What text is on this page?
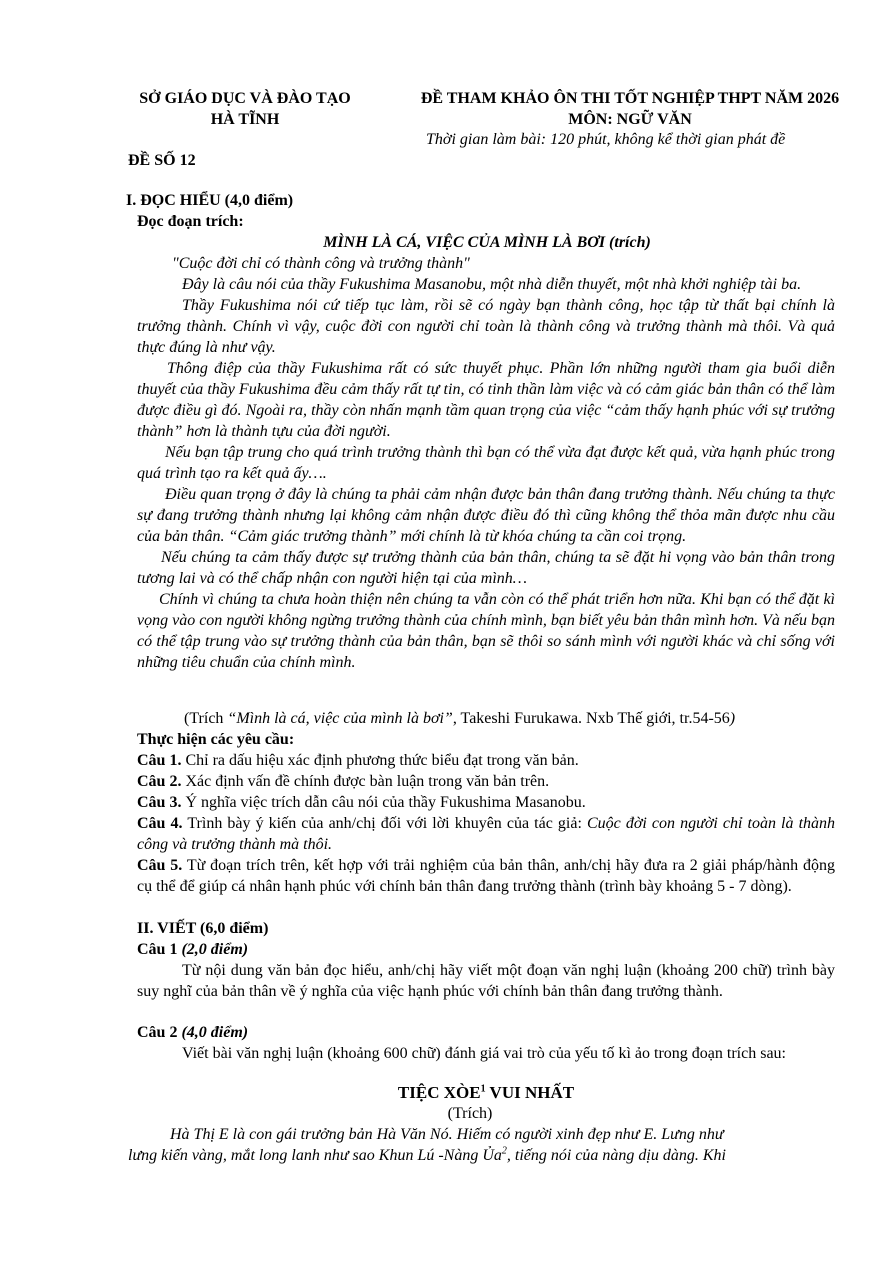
SỞ GIÁO DỤC VÀ ĐÀO TẠO
HÀ TĨNH
ĐỀ THAM KHẢO ÔN THI TỐT NGHIỆP THPT NĂM 2026
MÔN: NGỮ VĂN
Thời gian làm bài: 120 phút, không kể thời gian phát đề
ĐỀ SỐ 12
I. ĐỌC HIỂU (4,0 điểm)
Đọc đoạn trích:
MÌNH LÀ CÁ, VIỆC CỦA MÌNH LÀ BƠI (trích)

"Cuộc đời chỉ có thành công và trưởng thành"

Đây là câu nói của thầy Fukushima Masanobu, một nhà diễn thuyết, một nhà khởi nghiệp tài ba.

Thầy Fukushima nói cứ tiếp tục làm, rồi sẽ có ngày bạn thành công, học tập từ thất bại chính là trưởng thành. Chính vì vậy, cuộc đời con người chỉ toàn là thành công và trưởng thành mà thôi. Và quả thực đúng là như vậy.

Thông điệp của thầy Fukushima rất có sức thuyết phục. Phần lớn những người tham gia buổi diễn thuyết của thầy Fukushima đều cảm thấy rất tự tin, có tinh thần làm việc và có cảm giác bản thân có thể làm được điều gì đó. Ngoài ra, thầy còn nhấn mạnh tầm quan trọng của việc “cảm thấy hạnh phúc với sự trưởng thành” hơn là thành tựu của đời người.

Nếu bạn tập trung cho quá trình trưởng thành thì bạn có thể vừa đạt được kết quả, vừa hạnh phúc trong quá trình tạo ra kết quả ấy….

Điều quan trọng ở đây là chúng ta phải cảm nhận được bản thân đang trưởng thành. Nếu chúng ta thực sự đang trưởng thành nhưng lại không cảm nhận được điều đó thì cũng không thể thỏa mãn được nhu cầu của bản thân. “Cảm giác trưởng thành” mới chính là từ khóa chúng ta cần coi trọng.

Nếu chúng ta cảm thấy được sự trưởng thành của bản thân, chúng ta sẽ đặt hi vọng vào bản thân trong tương lai và có thể chấp nhận con người hiện tại của mình…

Chính vì chúng ta chưa hoàn thiện nên chúng ta vẫn còn có thể phát triển hơn nữa. Khi bạn có thể đặt kì vọng vào con người không ngừng trưởng thành của chính mình, bạn biết yêu bản thân mình hơn. Và nếu bạn có thể tập trung vào sự trưởng thành của bản thân, bạn sẽ thôi so sánh mình với người khác và chỉ sống với những tiêu chuẩn của chính mình.

(Trích “Mình là cá, việc của mình là bơi”, Takeshi Furukawa. Nxb Thế giới, tr.54-56)
Thực hiện các yêu cầu:

Câu 1. Chỉ ra dấu hiệu xác định phương thức biểu đạt trong văn bản.

Câu 2. Xác định vấn đề chính được bàn luận trong văn bản trên.

Câu 3. Ý nghĩa việc trích dẫn câu nói của thầy Fukushima Masanobu.

Câu 4. Trình bày ý kiến của anh/chị đối với lời khuyên của tác giả: Cuộc đời con người chỉ toàn là thành công và trưởng thành mà thôi.

Câu 5. Từ đoạn trích trên, kết hợp với trải nghiệm của bản thân, anh/chị hãy đưa ra 2 giải pháp/hành động cụ thể để giúp cá nhân hạnh phúc với chính bản thân đang trưởng thành (trình bày khoảng 5 - 7 dòng).

II. VIẾT (6,0 điểm)
Câu 1 (2,0 điểm)

Từ nội dung văn bản đọc hiểu, anh/chị hãy viết một đoạn văn nghị luận (khoảng 200 chữ) trình bày suy nghĩ của bản thân về ý nghĩa của việc hạnh phúc với chính bản thân đang trưởng thành.

Câu 2 (4,0 điểm)

Viết bài văn nghị luận (khoảng 600 chữ) đánh giá vai trò của yếu tố kì ảo trong đoạn trích sau:

TIỆC XÒE$^1$ VUI NHẤT
(Trích)

Hà Thị E là con gái trưởng bản Hà Văn Nó. Hiếm có người xinh đẹp như E. Lưng như

lưng kiến vàng, mắt long lanh như sao Khun Lú -Nàng Ủa$^2$, tiếng nói của nàng dịu dàng. Khi
